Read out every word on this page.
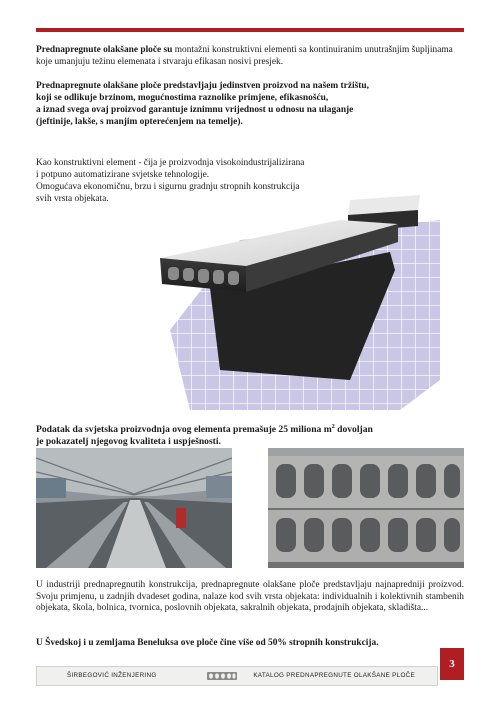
Prednapregnute olakšane ploče su montažni konstruktivni elementi sa kontinuiranim unutrašnjim šupljinama koje umanjuju težinu elemenata i stvaraju efikasan nosivi presjek.

Prednapregnute olakšane ploče predstavljaju jedinstven proizvod na našem tržištu,
koji se odlikuje brzinom, mogućnostima raznolike primjene, efikasnošću,
a iznad svega ovaj proizvod garantuje iznimnu vrijednost u odnosu na ulaganje
(jeftinije, lakše, s manjim opterećenjem na temelje).

Kao konstruktivni element - čija je proizvodnja visokoindustrijalizirana
i potpuno automatizirane svjetske tehnologije.
Omogućava ekonomičnu, brzu i sigurnu gradnju stropnih konstrukcija
svih vrsta objekata.

Podatak da svjetska proizvodnja ovog elementa premašuje 25 miliona $m^2$ dovoljan
je pokazatelj njegovog kvaliteta i uspješnosti.

U industriji prednapregnutih konstrukcija, prednapregnute olakšane ploče predstavljaju najnapredniji proizvod. Svoju primjenu, u zadnjih dvadeset godina, nalaze kod svih vrsta objekata: individualnih i kolektivnih stambenih objekata, škola, bolnica, tvornica, poslovnih objekata, sakralnih objekata, prodajnih objekata, skladišta...

U Švedskoj i u zemljama Beneluksa ove ploče čine više od 50% stropnih konstrukcija.

ŠIRBEGOVIĆ INŽENJERING	KATALOG PREDNAPREGNUTE OLAKŠANE PLOČE
3
